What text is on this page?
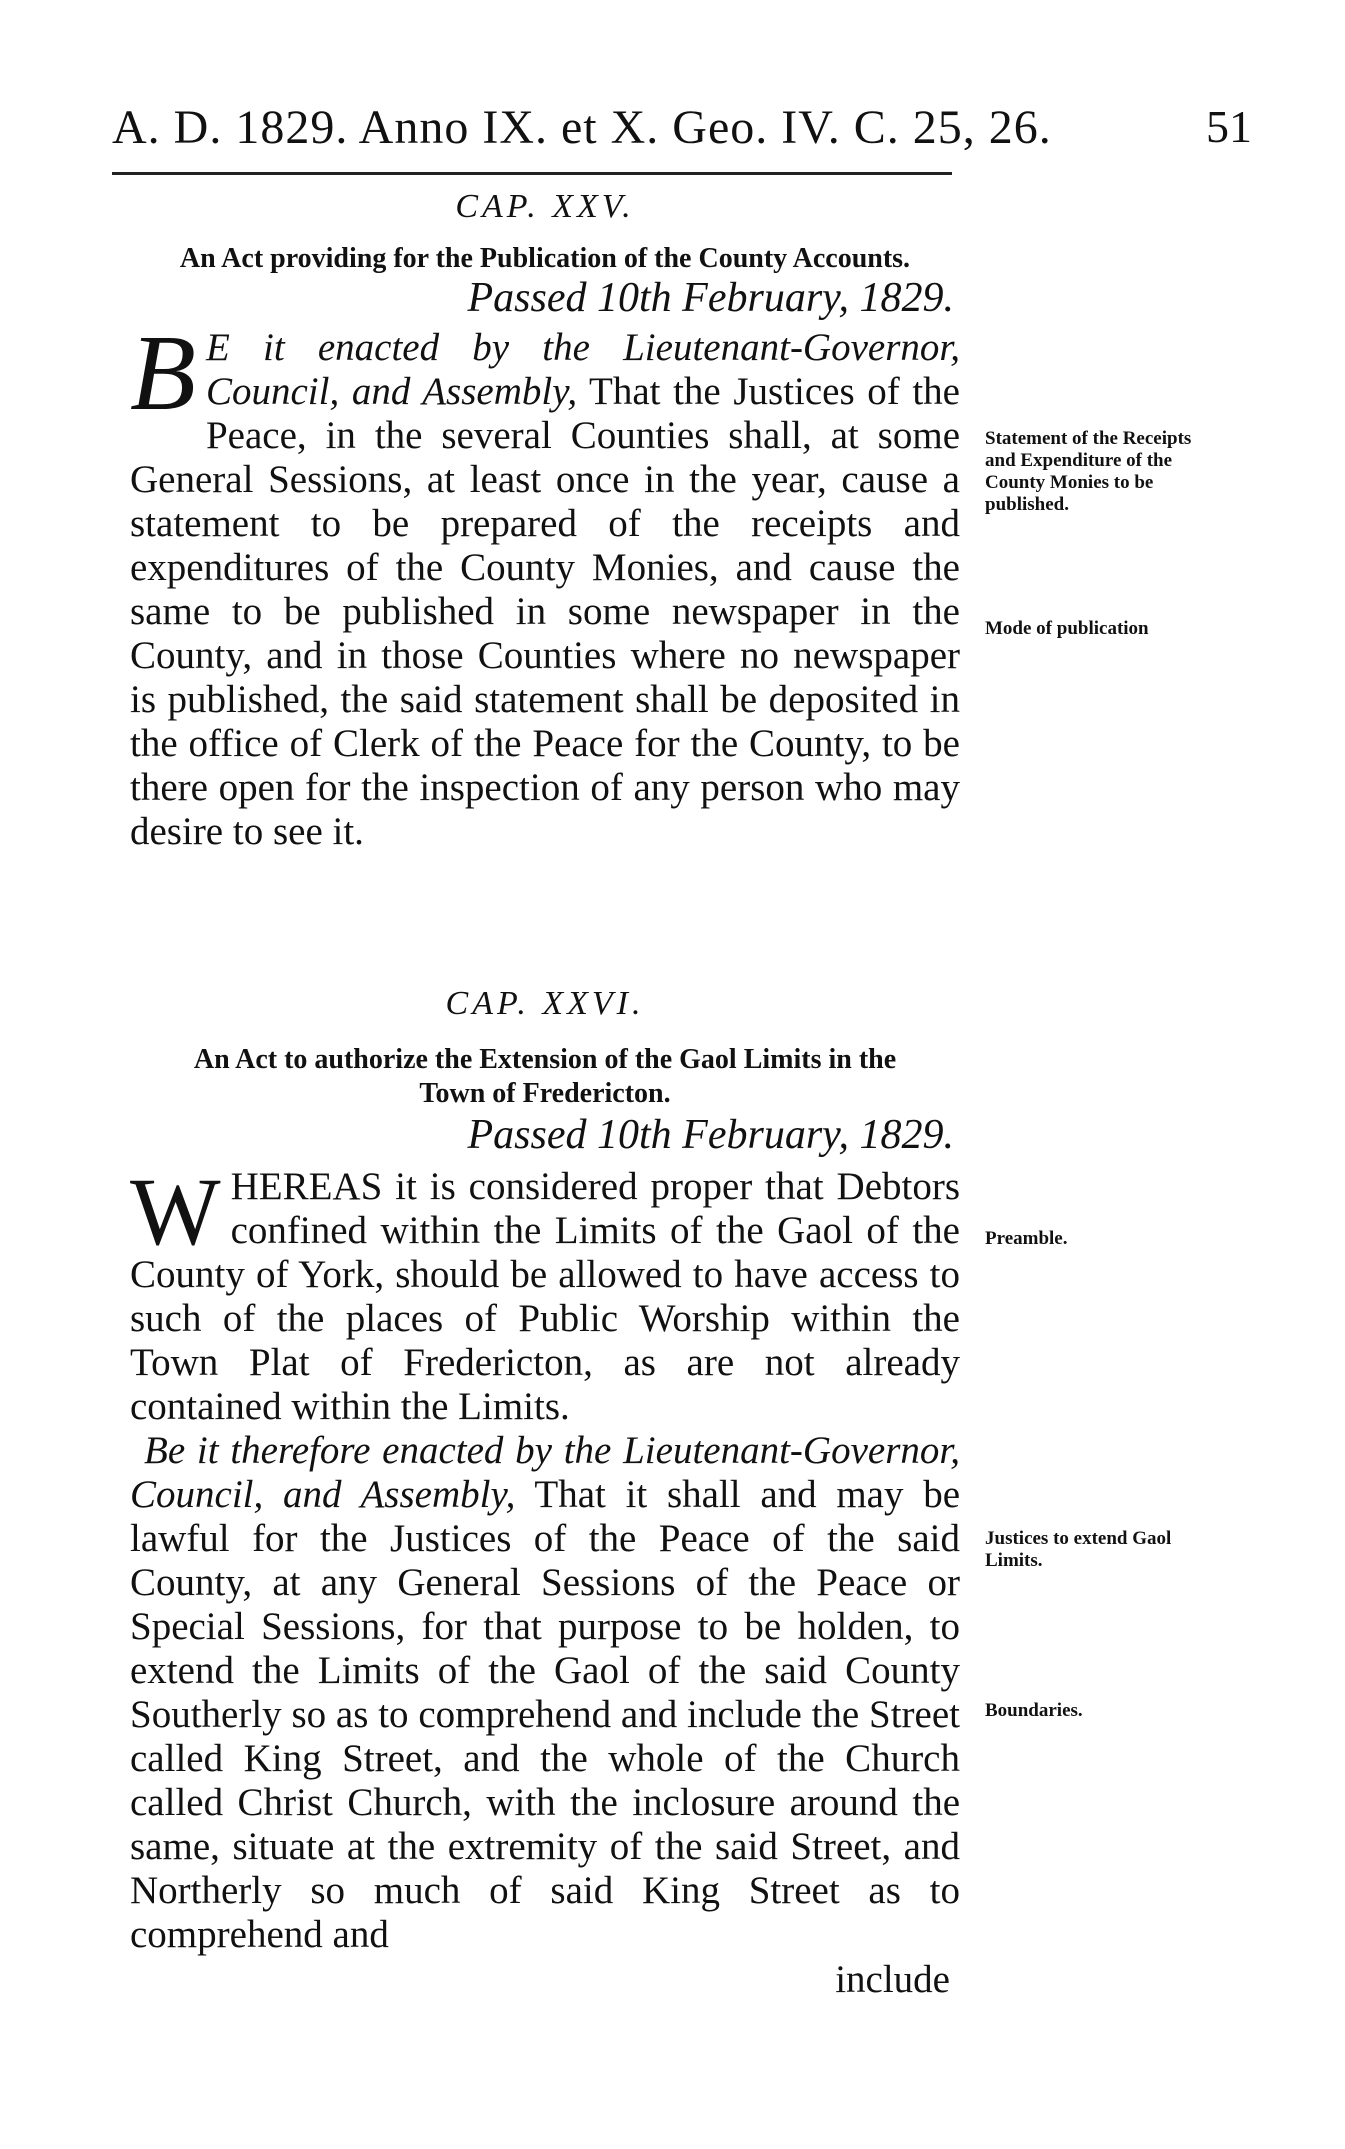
A. D. 1829. Anno IX. et X. Geo. IV. C. 25, 26.	51
CAP. XXV.
An Act providing for the Publication of the County Accounts.
Passed 10th February, 1829.
B E it enacted by the Lieutenant-Governor, Council, and Assembly, That the Justices of the Peace, in the several Counties shall, at some General Sessions, at least once in the year, cause a statement to be prepared of the receipts and expenditures of the County Monies, and cause the same to be published in some newspaper in the County, and in those Counties where no newspaper is published, the said statement shall be deposited in the office of Clerk of the Peace for the County, to be there open for the inspection of any person who may desire to see it.
Statement of the Receipts and Expenditure of the County Monies to be published.
Mode of publication
CAP. XXVI.
An Act to authorize the Extension of the Gaol Limits in the Town of Fredericton.
Passed 10th February, 1829.
WHEREAS it is considered proper that Debtors confined within the Limits of the Gaol of the County of York, should be allowed to have access to such of the places of Public Worship within the Town Plat of Fredericton, as are not already contained within the Limits.
Be it therefore enacted by the Lieutenant-Governor, Council, and Assembly, That it shall and may be lawful for the Justices of the Peace of the said County, at any General Sessions of the Peace or Special Sessions, for that purpose to be holden, to extend the Limits of the Gaol of the said County Southerly so as to comprehend and include the Street called King Street, and the whole of the Church called Christ Church, with the inclosure around the same, situate at the extremity of the said Street, and Northerly so much of said King Street as to comprehend and
include
Preamble.
Justices to extend Gaol Limits.
Boundaries.
